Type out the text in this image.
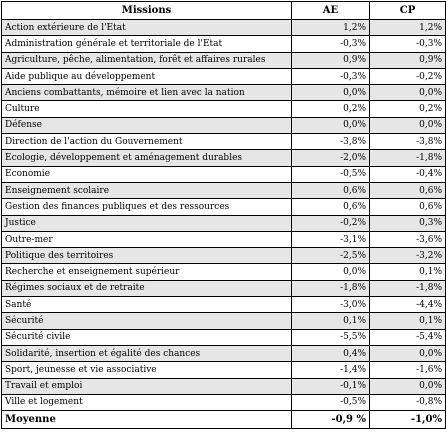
Missions	AE	CP
Action extérieure de l'Etat	1,2%	1,2%
Administration générale et territoriale de l'Etat	-0,3%	-0,3%
Agriculture, pêche, alimentation, forêt et affaires rurales	0,9%	0,9%
Aide publique au développement	-0,3%	-0,2%
Anciens combattants, mémoire et lien avec la nation	0,0%	0,0%
Culture	0,2%	0,2%
Défense	0,0%	0,0%
Direction de l'action du Gouvernement	-3,8%	-3,8%
Ecologie, développement et aménagement durables	-2,0%	-1,8%
Economie	-0,5%	-0,4%
Enseignement scolaire	0,6%	0,6%
Gestion des finances publiques et des ressources	0,6%	0,6%
Justice	-0,2%	0,3%
Outre-mer	-3,1%	-3,6%
Politique des territoires	-2,5%	-3,2%
Recherche et enseignement supérieur	0,0%	0,1%
Régimes sociaux et de retraite	-1,8%	-1,8%
Santé	-3,0%	-4,4%
Sécurité	0,1%	0,1%
Sécurité civile	-5,5%	-5,4%
Solidarité, insertion et égalité des chances	0,4%	0,0%
Sport, jeunesse et vie associative	-1,4%	-1,6%
Travail et emploi	-0,1%	0,0%
Ville et logement	-0,5%	-0,8%
Moyenne	-0,9 %	-1,0%
